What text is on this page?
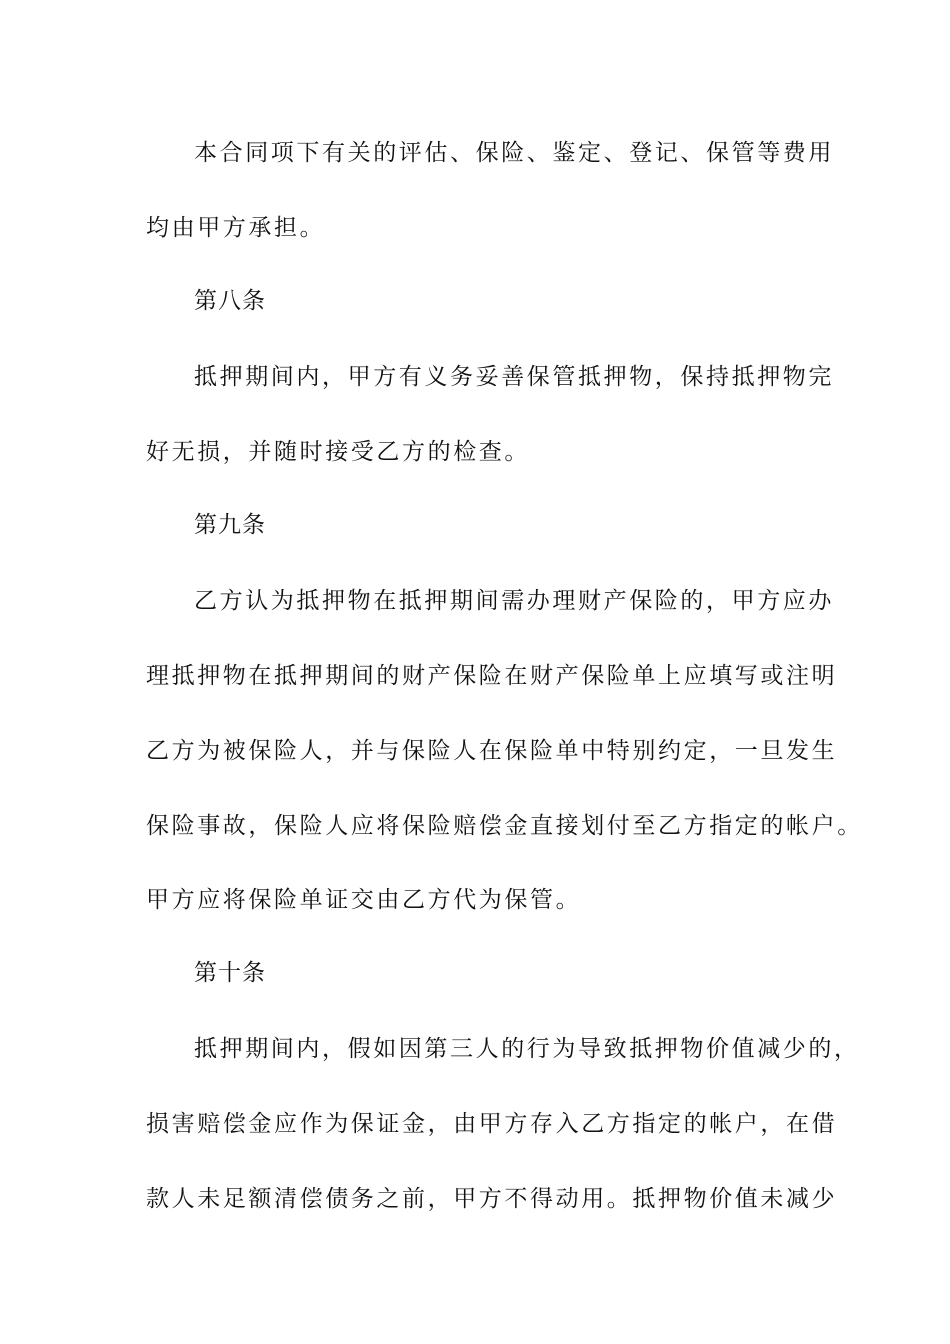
本合同项下有关的评估、保险、鉴定、登记、保管等费用
均由甲方承担。
第八条
抵押期间内，甲方有义务妥善保管抵押物，保持抵押物完
好无损，并随时接受乙方的检查。
第九条
乙方认为抵押物在抵押期间需办理财产保险的，甲方应办
理抵押物在抵押期间的财产保险在财产保险单上应填写或注明
乙方为被保险人，并与保险人在保险单中特别约定，一旦发生
保险事故，保险人应将保险赔偿金直接划付至乙方指定的帐户。
甲方应将保险单证交由乙方代为保管。
第十条
抵押期间内，假如因第三人的行为导致抵押物价值减少的，
损害赔偿金应作为保证金，由甲方存入乙方指定的帐户，在借
款人未足额清偿债务之前，甲方不得动用。抵押物价值未减少
